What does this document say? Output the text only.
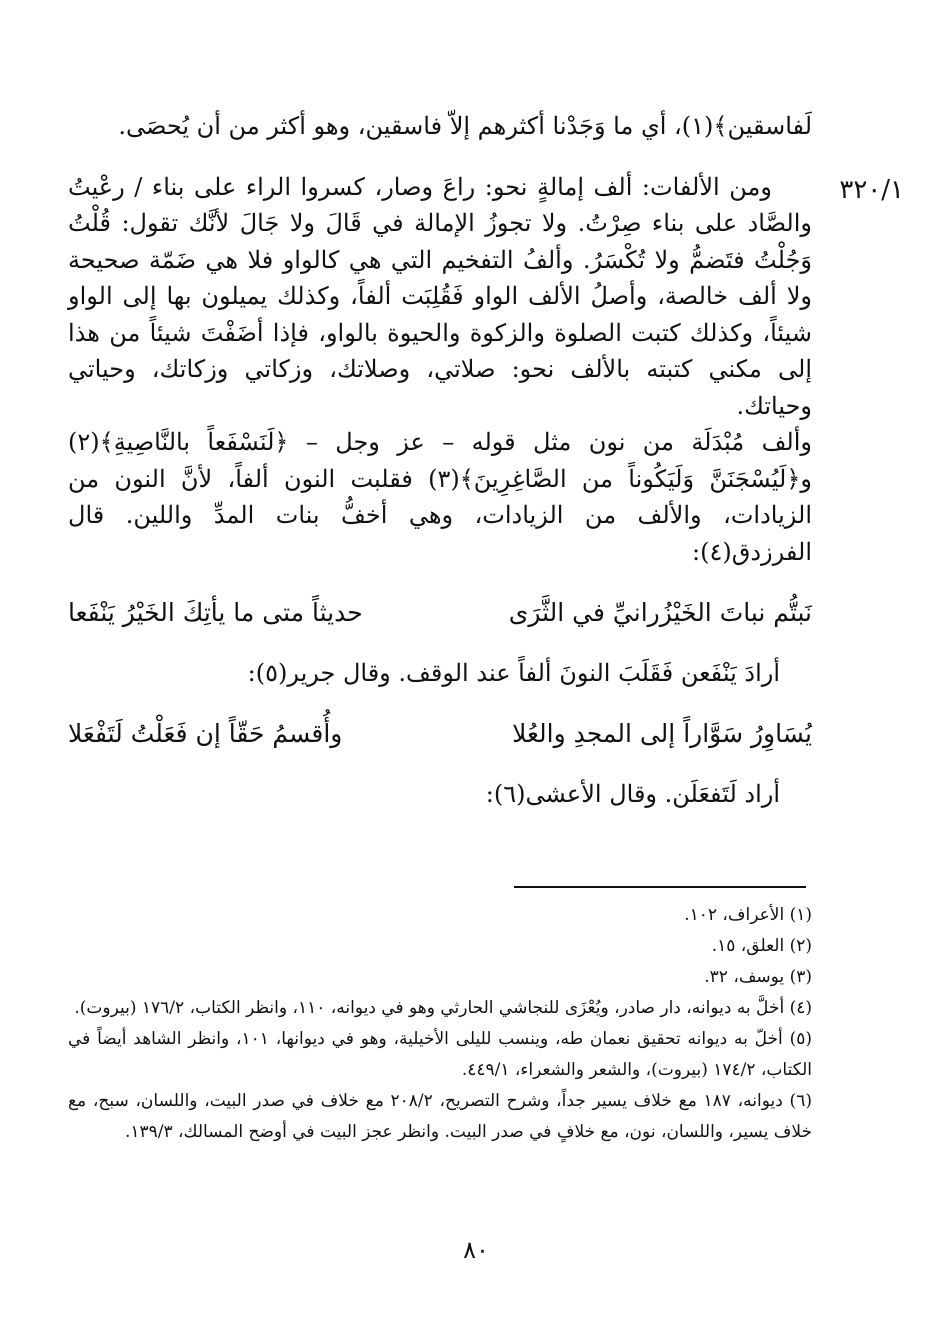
٣٢٠/١

لَفاسقين﴾(١)، أي ما وَجَدْنا أكثرهم إلاّ فاسقين، وهو أكثر من أن يُحصَى.

ومن الألفات: ألف إمالةٍ نحو: راعَ وصار، كسروا الراء على بناء / رعْيتُ والصَّاد على بناء صِرْتُ. ولا تجوزُ الإمالة في قَالَ ولا جَالَ لأنَّك تقول: قُلْتُ وَجُلْتُ فتَضمُّ ولا تُكْسَرُ. وألفُ التفخيم التي هي كالواو فلا هي ضَمّة صحيحة ولا ألف خالصة، وأصلُ الألف الواو فَقُلِبَت ألفاً، وكذلك يميلون بها إلى الواو شيئاً، وكذلك كتبت الصلوة والزكوة والحيوة بالواو، فإذا أضَفْتَ شيئاً من هذا إلى مكني كتبته بالألف نحو: صلاتي، وصلاتك، وزكاتي وزكاتك، وحياتي وحياتك.

وألف مُبْدَلَة من نون مثل قوله – عز وجل – ﴿لَنَسْفَعاً بالنَّاصِيةِ﴾(٢) و﴿لَيُسْجَنَنَّ وَلَيَكُوناً من الصَّاغِرِينَ﴾(٣) فقلبت النون ألفاً، لأنَّ النون من الزيادات، والألف من الزيادات، وهي أخفُّ بنات المدِّ واللين. قال الفرزدق(٤):

نَبتُّم نباتَ الخَيْزُرانيِّ في الثَّرَى
حديثاً متى ما يأتِكَ الخَيْرُ يَنْفَعا

أرادَ يَنْفَعن فَقَلَبَ النونَ ألفاً عند الوقف. وقال جرير(٥):

يُسَاوِرُ سَوَّاراً إلى المجدِ والعُلا
وأُقسمُ حَقّاً إن فَعَلْتُ لَتَفْعَلا

أراد لَتَفعَلَن. وقال الأعشى(٦):

(١) الأعراف، ١٠٢.

(٢) العلق، ١٥.

(٣) يوسف، ٣٢.

(٤) أخلَّ به ديوانه، دار صادر، ويُعْزَى للنجاشي الحارثي وهو في ديوانه، ١١٠، وانظر الكتاب، ١٧٦/٢ (بيروت).

(٥) أخلّ به ديوانه تحقيق نعمان طه، وينسب لليلى الأخيلية، وهو في ديوانها، ١٠١، وانظر الشاهد أيضاً في الكتاب، ١٧٤/٢ (بيروت)، والشعر والشعراء، ٤٤٩/١.

(٦) ديوانه، ١٨٧ مع خلاف يسير جداً، وشرح التصريح، ٢٠٨/٢ مع خلاف في صدر البيت، واللسان، سبح، مع خلاف يسير، واللسان، نون، مع خلافٍ في صدر البيت. وانظر عجز البيت في أوضح المسالك، ١٣٩/٣.

٨٠
